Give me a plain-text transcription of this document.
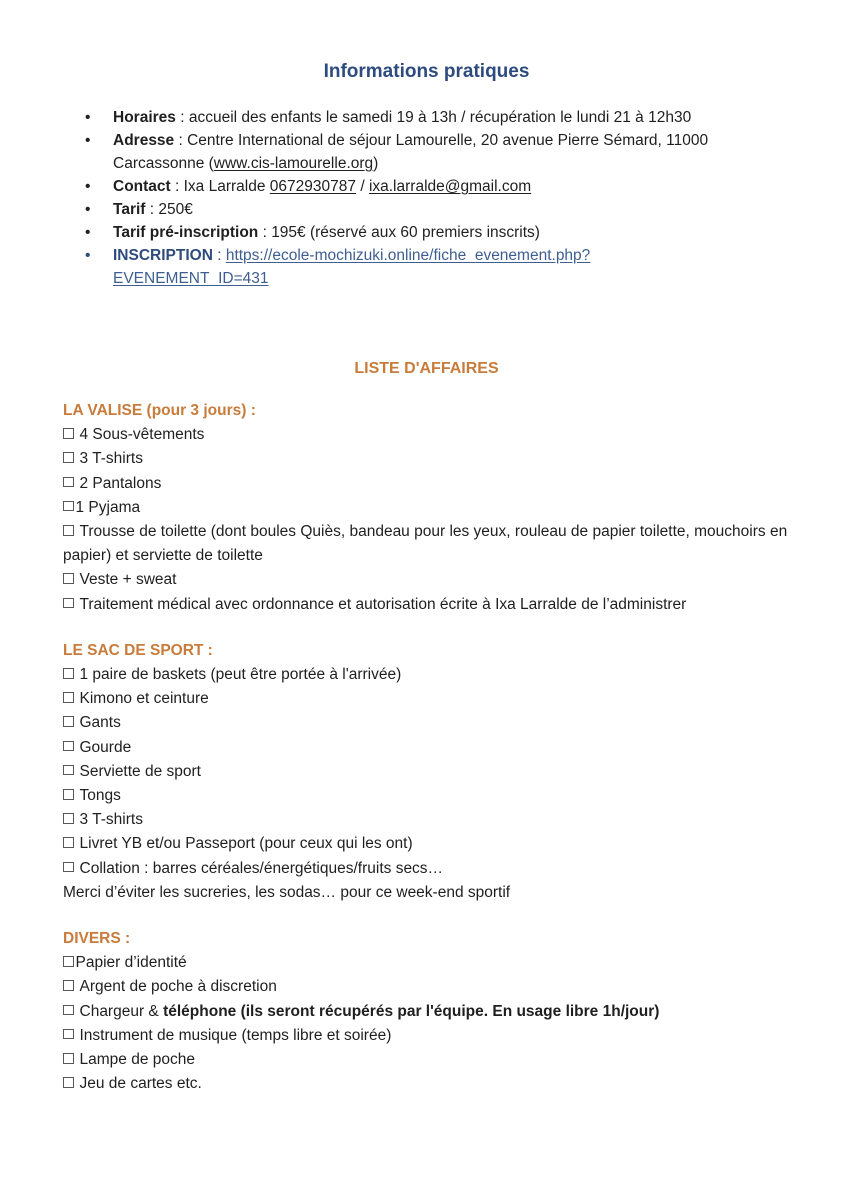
Informations pratiques
• Horaires : accueil des enfants le samedi 19 à 13h / récupération le lundi 21 à 12h30
• Adresse : Centre International de séjour Lamourelle, 20 avenue Pierre Sémard, 11000 Carcassonne (www.cis-lamourelle.org)
• Contact : Ixa Larralde 0672930787 / ixa.larralde@gmail.com
• Tarif : 250€
• Tarif pré-inscription : 195€ (réservé aux 60 premiers inscrits)
• INSCRIPTION : https://ecole-mochizuki.online/fiche_evenement.php?EVENEMENT_ID=431
LISTE D'AFFAIRES
LA VALISE (pour 3 jours) :
4 Sous-vêtements
3 T-shirts
2 Pantalons
1 Pyjama
Trousse de toilette (dont boules Quiès, bandeau pour les yeux, rouleau de papier toilette, mouchoirs en papier) et serviette de toilette
Veste + sweat
Traitement médical avec ordonnance et autorisation écrite à Ixa Larralde de l’administrer
LE SAC DE SPORT :
1 paire de baskets (peut être portée à l'arrivée)
Kimono et ceinture
Gants
Gourde
Serviette de sport
Tongs
3 T-shirts
Livret YB et/ou Passeport (pour ceux qui les ont)
Collation : barres céréales/énergétiques/fruits secs…
Merci d’éviter les sucreries, les sodas… pour ce week-end sportif
DIVERS :
Papier d’identité
Argent de poche à discretion
Chargeur & téléphone (ils seront récupérés par l'équipe. En usage libre 1h/jour)
Instrument de musique (temps libre et soirée)
Lampe de poche
Jeu de cartes etc.
